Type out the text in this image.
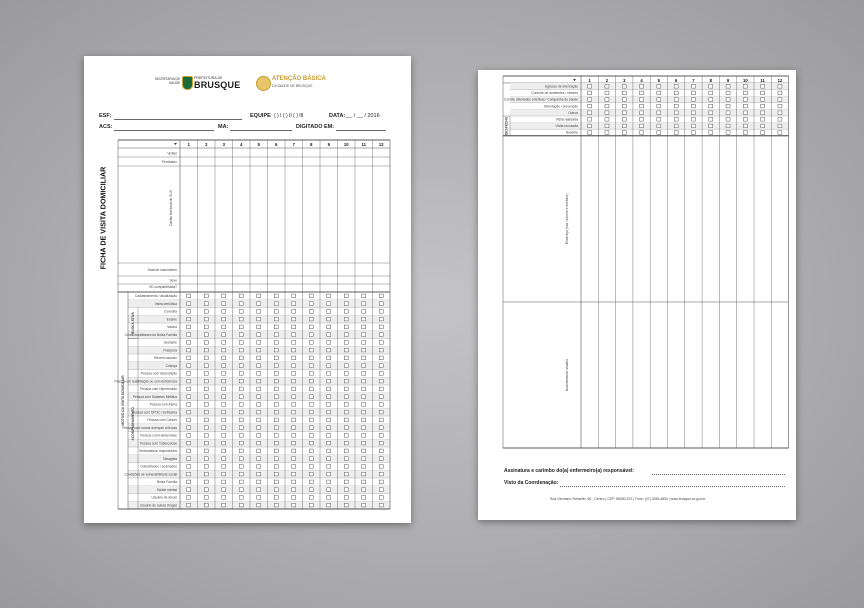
SECRETARIA DE SAÚDE
PREFEITURA DE
BRUSQUE
ATENÇÃO BÁSICA
DA SAÚDE DE BRUSQUE
ESF:	EQUIPE ( ) I ( ) II ( ) III	DATA: __ / __ / 2016
ACS:	MA:	DIGITADO EM:
FICHA DE VISITA DOMICILIAR
1	2	3	4	5	6	7	8	9	10	11	12
Visitas
Prontuário
Cartão Nacional de SUS
Data de nascimento
Sexo
VD compartilhada?
Cadastramento / atualização
Visita periódica
Consulta
Exame
Vacina
Condicionalidades do Bolsa Família
Gestante
Puérpera
Recém-nascido
Criança
Pessoa com desnutrição
Pessoa em reabilitação ou com deficiência
Pessoa com Hipertensão
Pessoa com Diabetes Mellitus
Pessoa com Asma
Pessoa com DPOC / Enfisema
Pessoa com Câncer
Pessoa com outras doenças crônicas
Pessoa com Hanseníase
Pessoa com Tuberculose
Sintomáticos respiratórios
Tabagista
Domiciliados / acamados
Condições de vulnerabilidade social
Bolsa Família
Saúde mental
Usuário de álcool
Usuário de outras drogas
MOTIVO DA VISITA DOMICILIAR
BUSCA ATIVA
ACOMPANHAMENTO
1	2	3	4	5	6	7	8	9	10	11	12
Egresso de internação
Controle de ambientes / vetores
Convite atividades coletivas / Campanha de saúde
Orientação / prevenção
Outros
Visita realizada
Visita recusada
Ausente
DESFECHO
Endereço (rua, número e telefone)
Assinatura do usuário
Assinatura e carimbo do(a) enfermeiro(a) responsável:
Visto da Coordenação:
Rua Germano Schaefer, 66 - Centro | CEP: 88350-570 | Fone: (47) 3255-6800 | www.brusque.sc.gov.br
